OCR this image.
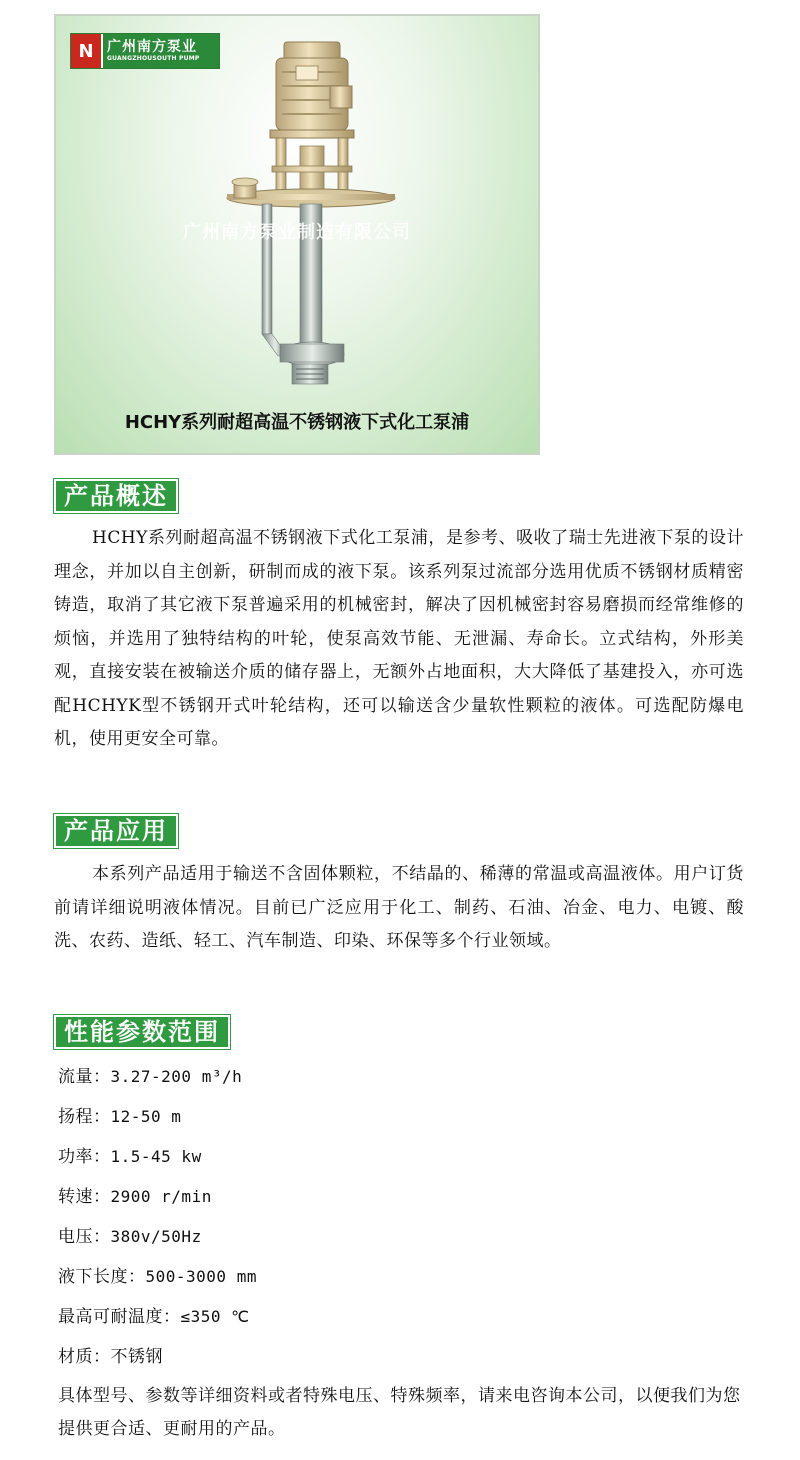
N 广州南方泵业
GUANGZHOUSOUTH PUMP
广州南方泵业制造有限公司
HCHY系列耐超高温不锈钢液下式化工泵浦
产品概述

HCHY系列耐超高温不锈钢液下式化工泵浦，是参考、吸收了瑞士先进液下泵的设计理念，并加以自主创新，研制而成的液下泵。该系列泵过流部分选用优质不锈钢材质精密铸造，取消了其它液下泵普遍采用的机械密封，解决了因机械密封容易磨损而经常维修的烦恼，并选用了独特结构的叶轮，使泵高效节能、无泄漏、寿命长。立式结构，外形美观，直接安装在被输送介质的储存器上，无额外占地面积，大大降低了基建投入，亦可选配HCHYK型不锈钢开式叶轮结构，还可以输送含少量软性颗粒的液体。可选配防爆电机，使用更安全可靠。

产品应用

本系列产品适用于输送不含固体颗粒，不结晶的、稀薄的常温或高温液体。用户订货前请详细说明液体情况。目前已广泛应用于化工、制药、石油、冶金、电力、电镀、酸洗、农药、造纸、轻工、汽车制造、印染、环保等多个行业领域。

性能参数范围
流量：3.27-200 m³/h
扬程：12-50 m
功率：1.5-45 kw
转速：2900 r/min
电压：380v/50Hz
液下长度：500-3000 mm
最高可耐温度：≤350 ℃
材质：不锈钢

具体型号、参数等详细资料或者特殊电压、特殊频率，请来电咨询本公司，以便我们为您提供更合适、更耐用的产品。
